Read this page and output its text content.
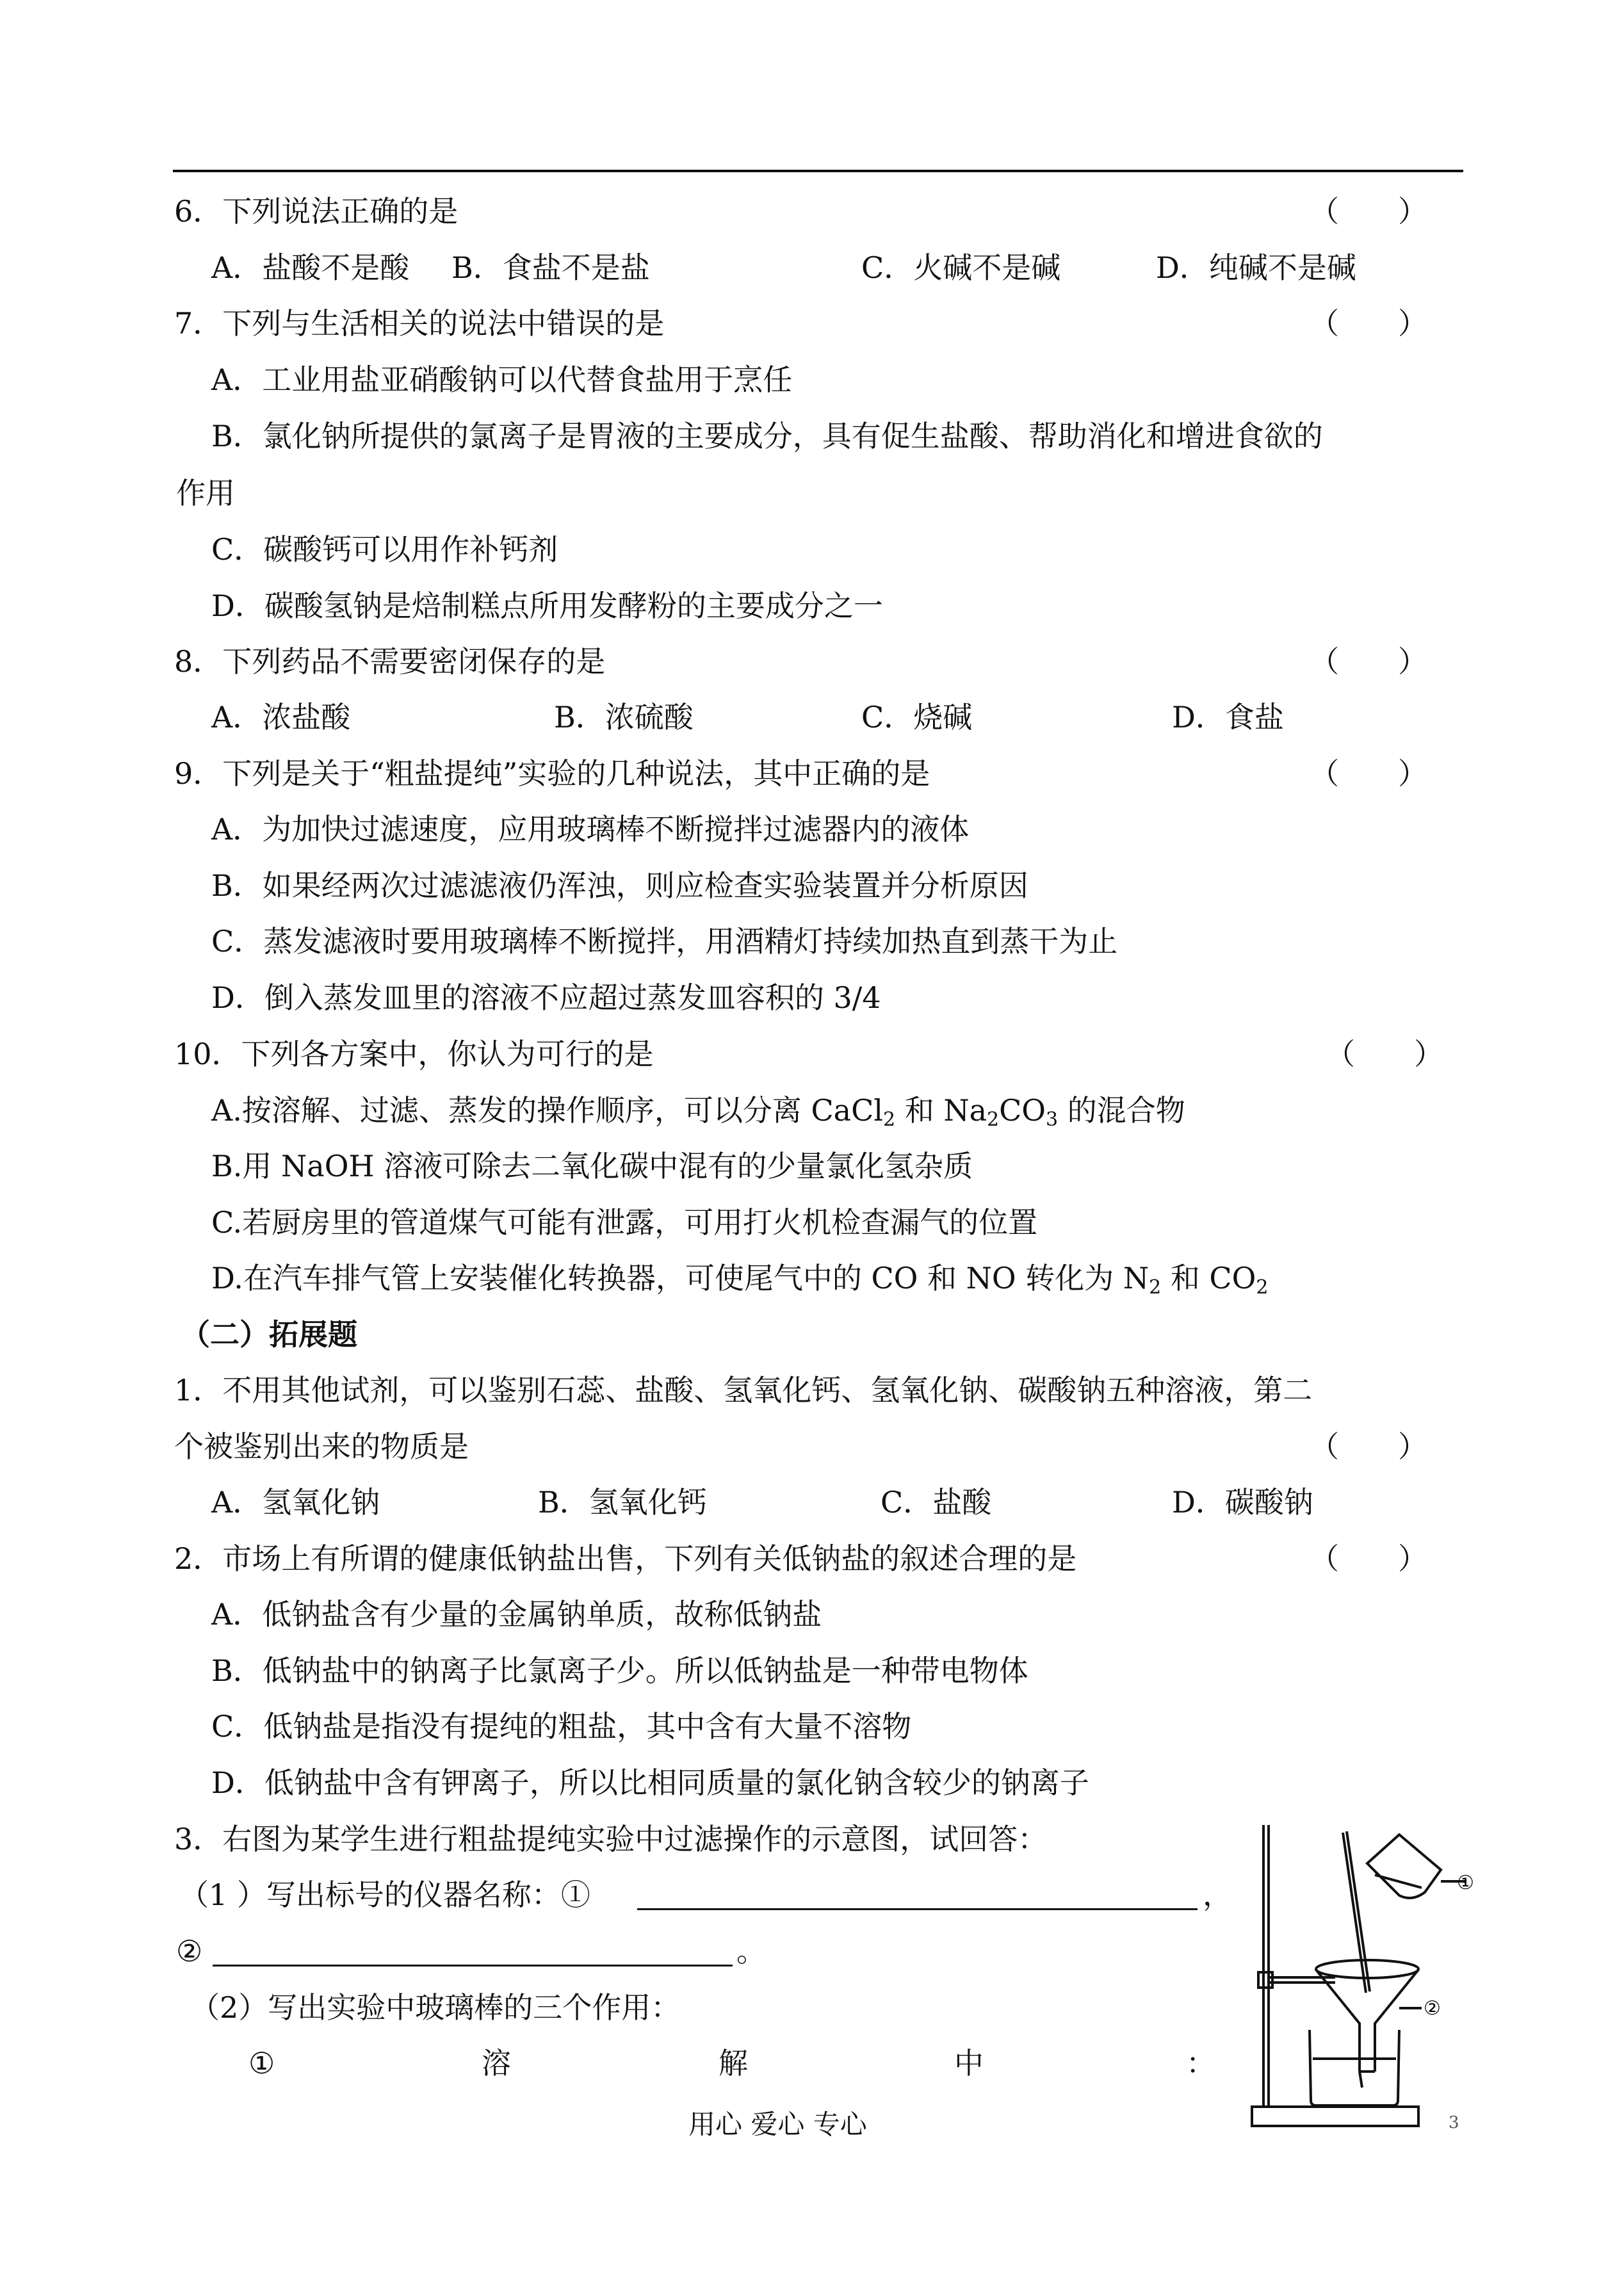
6．下列说法正确的是	（　　）
A．盐酸不是酸 B．食盐不是盐	C．火碱不是碱	D．纯碱不是碱
7．下列与生活相关的说法中错误的是	（　　）
A．工业用盐亚硝酸钠可以代替食盐用于烹任
B．氯化钠所提供的氯离子是胃液的主要成分，具有促生盐酸、帮助消化和增进食欲的
作用
C．碳酸钙可以用作补钙剂
D．碳酸氢钠是焙制糕点所用发酵粉的主要成分之一
8．下列药品不需要密闭保存的是	（　　）
A．浓盐酸	B．浓硫酸	C．烧碱	D．食盐
9．下列是关于“粗盐提纯”实验的几种说法，其中正确的是	（　　）
A．为加快过滤速度，应用玻璃棒不断搅拌过滤器内的液体
B．如果经两次过滤滤液仍浑浊，则应检查实验装置并分析原因
C．蒸发滤液时要用玻璃棒不断搅拌，用酒精灯持续加热直到蒸干为止
D．倒入蒸发皿里的溶液不应超过蒸发皿容积的 3/4
10．下列各方案中，你认为可行的是	（　　）
A.按溶解、过滤、蒸发的操作顺序，可以分离 CaCl$_2$ 和 $Na_2CO_3$ 的混合物
B.用 NaOH 溶液可除去二氧化碳中混有的少量氯化氢杂质
C.若厨房里的管道煤气可能有泄露，可用打火机检查漏气的位置
D.在汽车排气管上安装催化转换器，可使尾气中的 CO 和 NO 转化为 $N_2$ 和 $CO_2$
（二）拓展题
1．不用其他试剂，可以鉴别石蕊、盐酸、氢氧化钙、氢氧化钠、碳酸钠五种溶液，第二
个被鉴别出来的物质是	（　　）
A．氢氧化钠	B．氢氧化钙	C．盐酸	D．碳酸钠
2．市场上有所谓的健康低钠盐出售，下列有关低钠盐的叙述合理的是	（　　）
A．低钠盐含有少量的金属钠单质，故称低钠盐
B．低钠盐中的钠离子比氯离子少。所以低钠盐是一种带电物体
C．低钠盐是指没有提纯的粗盐，其中含有大量不溶物
D．低钠盐中含有钾离子，所以比相同质量的氯化钠含较少的钠离子
3．右图为某学生进行粗盐提纯实验中过滤操作的示意图，试回答：
（1 ）写出标号的仪器名称：①	，
②	。
（2）写出实验中玻璃棒的三个作用：
①	溶	解	中	：
①
②
用心 爱心 专心	3
